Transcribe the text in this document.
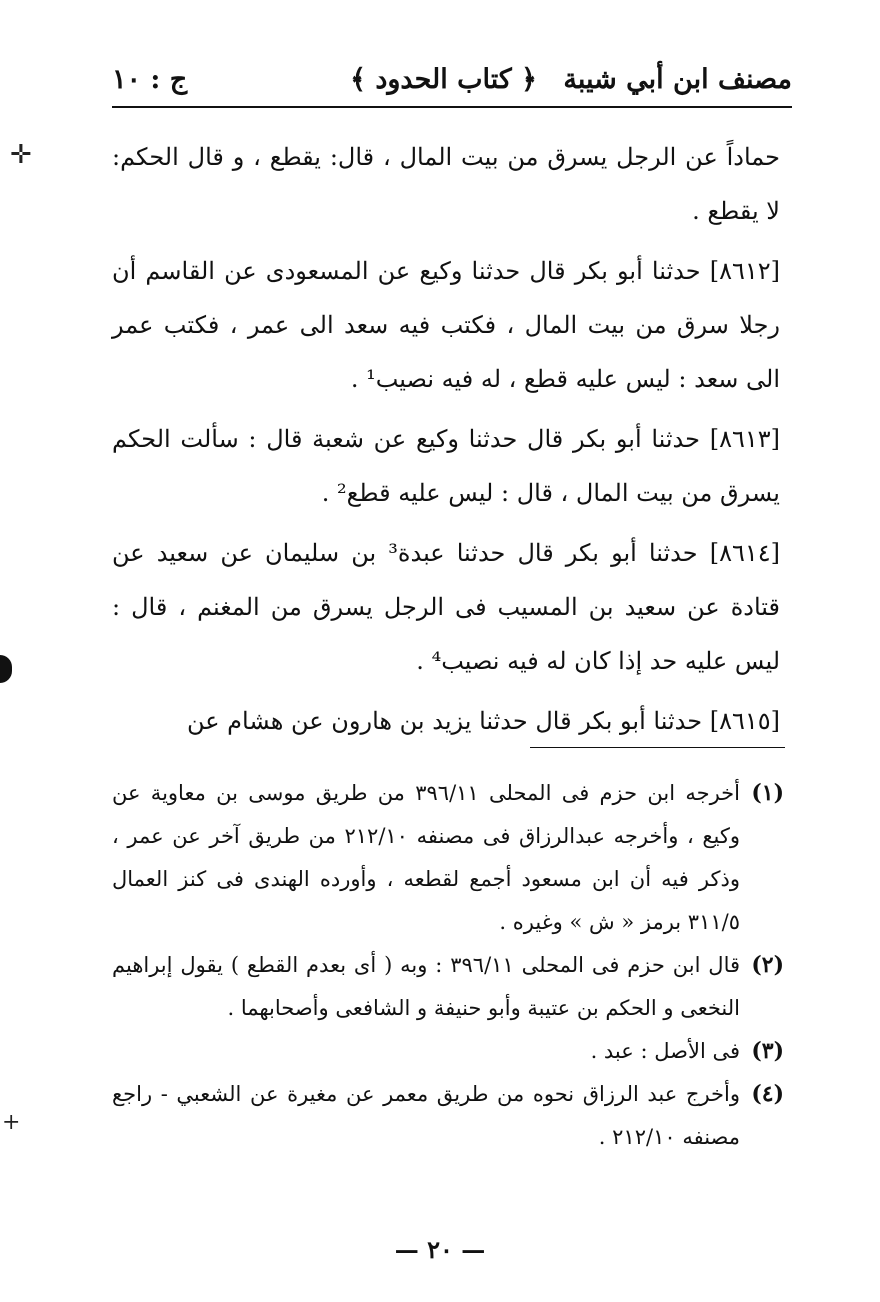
مصنف ابن أبي شيبة
﴿ كتاب الحدود ﴾
ج : ١٠

حماداً عن الرجل يسرق من بيت المال ، قال: يقطع ، و قال الحكم: لا يقطع .

[٨٦١٢] حدثنا أبو بكر قال حدثنا وكيع عن المسعودى عن القاسم أن رجلا سرق من بيت المال ، فكتب فيه سعد الى عمر ، فكتب عمر الى سعد : ليس عليه قطع ، له فيه نصيب¹ .

[٨٦١٣] حدثنا أبو بكر قال حدثنا وكيع عن شعبة قال : سألت الحكم يسرق من بيت المال ، قال : ليس عليه قطع² .

[٨٦١٤] حدثنا أبو بكر قال حدثنا عبدة³ بن سليمان عن سعيد عن قتادة عن سعيد بن المسيب فى الرجل يسرق من المغنم ، قال : ليس عليه حد إذا كان له فيه نصيب⁴ .

[٨٦١٥] حدثنا أبو بكر قال حدثنا يزيد بن هارون عن هشام عن

(١)
أخرجه ابن حزم فى المحلى ٣٩٦/١١ من طريق موسى بن معاوية عن وكيع ، وأخرجه عبدالرزاق فى مصنفه ٢١٢/١٠ من طريق آخر عن عمر ، وذكر فيه أن ابن مسعود أجمع لقطعه ، وأورده الهندى فى كنز العمال ٣١١/٥ برمز « ش » وغيره .
(٢)
قال ابن حزم فى المحلى ٣٩٦/١١ : وبه ( أى بعدم القطع ) يقول إبراهيم النخعى و الحكم بن عتيبة وأبو حنيفة و الشافعى وأصحابهما .
(٣)
فى الأصل : عبد .
(٤)
وأخرج عبد الرزاق نحوه من طريق معمر عن مغيرة عن الشعبي - راجع مصنفه ٢١٢/١٠ .
— ٢٠ —
✛
+
